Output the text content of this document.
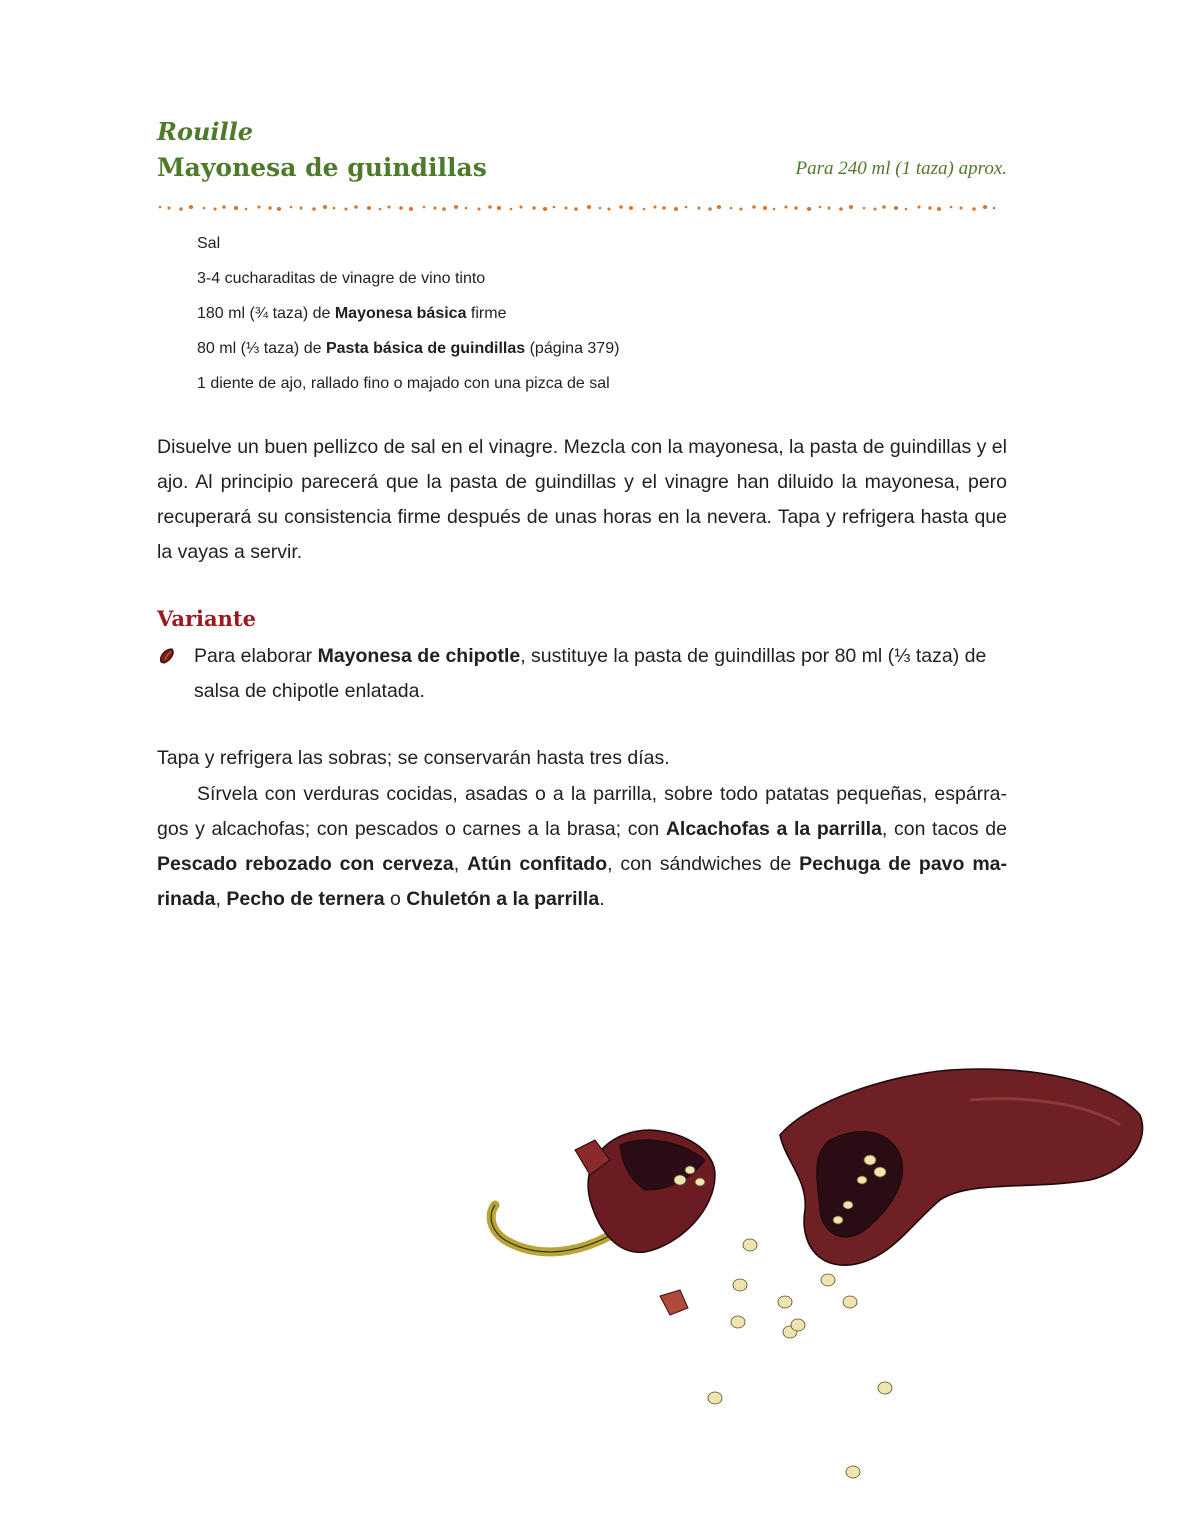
Rouille
Mayonesa de guindillas	Para 240 ml (1 taza) aprox.
Sal
3-4 cucharaditas de vinagre de vino tinto
180 ml (¾ taza) de Mayonesa básica firme
80 ml (⅓ taza) de Pasta básica de guindillas (página 379)
1 diente de ajo, rallado fino o majado con una pizca de sal

Disuelve un buen pellizco de sal en el vinagre. Mezcla con la mayonesa, la pasta de guindillas y el ajo. Al principio parecerá que la pasta de guindillas y el vinagre han diluido la mayonesa, pero recuperará su consistencia firme después de unas horas en la nevera. Tapa y refrigera hasta que la vayas a servir.

Variante

Para elaborar Mayonesa de chipotle, sustituye la pasta de guindillas por 80 ml (⅓ taza) de salsa de chipotle enlatada.

Tapa y refrigera las sobras; se conservarán hasta tres días.

Sírvela con verduras cocidas, asadas o a la parrilla, sobre todo patatas pequeñas, espárragos y alcachofas; con pescados o carnes a la brasa; con Alcachofas a la parrilla, con tacos de Pescado rebozado con cerveza, Atún confitado, con sándwiches de Pechuga de pavo marinada, Pecho de ternera o Chuletón a la parrilla.
